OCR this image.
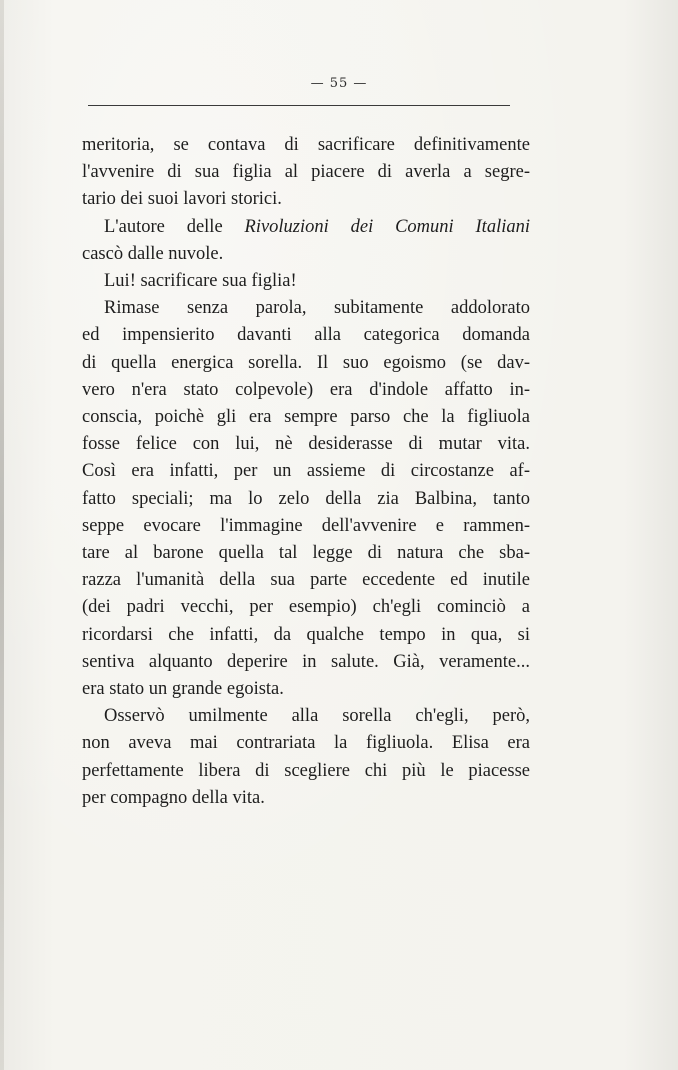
— 55 —
meritoria, se contava di sacrificare definitivamente
l'avvenire di sua figlia al piacere di averla a segre-
tario dei suoi lavori storici.
L'autore delle Rivoluzioni dei Comuni Italiani
cascò dalle nuvole.
Lui! sacrificare sua figlia!
Rimase senza parola, subitamente addolorato
ed impensierito davanti alla categorica domanda
di quella energica sorella. Il suo egoismo (se dav-
vero n'era stato colpevole) era d'indole affatto in-
conscia, poichè gli era sempre parso che la figliuola
fosse felice con lui, nè desiderasse di mutar vita.
Così era infatti, per un assieme di circostanze af-
fatto speciali; ma lo zelo della zia Balbina, tanto
seppe evocare l'immagine dell'avvenire e rammen-
tare al barone quella tal legge di natura che sba-
razza l'umanità della sua parte eccedente ed inutile
(dei padri vecchi, per esempio) ch'egli cominciò a
ricordarsi che infatti, da qualche tempo in qua, si
sentiva alquanto deperire in salute. Già, veramente...
era stato un grande egoista.
Osservò umilmente alla sorella ch'egli, però,
non aveva mai contrariata la figliuola. Elisa era
perfettamente libera di scegliere chi più le piacesse
per compagno della vita.
